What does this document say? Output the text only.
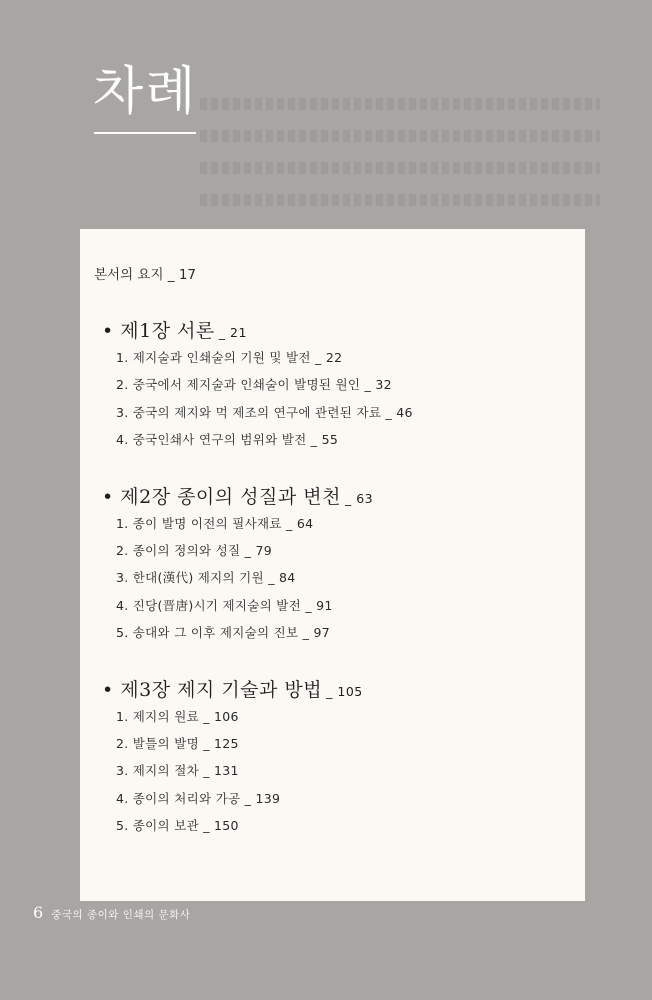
차례
본서의 요지 _ 17
• 제1장 서론 _ 21
1. 제지술과 인쇄술의 기원 및 발전 _ 22
2. 중국에서 제지술과 인쇄술이 발명된 원인 _ 32
3. 중국의 제지와 먹 제조의 연구에 관련된 자료 _ 46
4. 중국인쇄사 연구의 범위와 발전 _ 55
• 제2장 종이의 성질과 변천 _ 63
1. 종이 발명 이전의 필사재료 _ 64
2. 종이의 정의와 성질 _ 79
3. 한대(漢代) 제지의 기원 _ 84
4. 진당(晋唐)시기 제지술의 발전 _ 91
5. 송대와 그 이후 제지술의 진보 _ 97
• 제3장 제지 기술과 방법 _ 105
1. 제지의 원료 _ 106
2. 발틀의 발명 _ 125
3. 제지의 절차 _ 131
4. 종이의 처리와 가공 _ 139
5. 종이의 보관 _ 150
6 중국의 종이와 인쇄의 문화사
